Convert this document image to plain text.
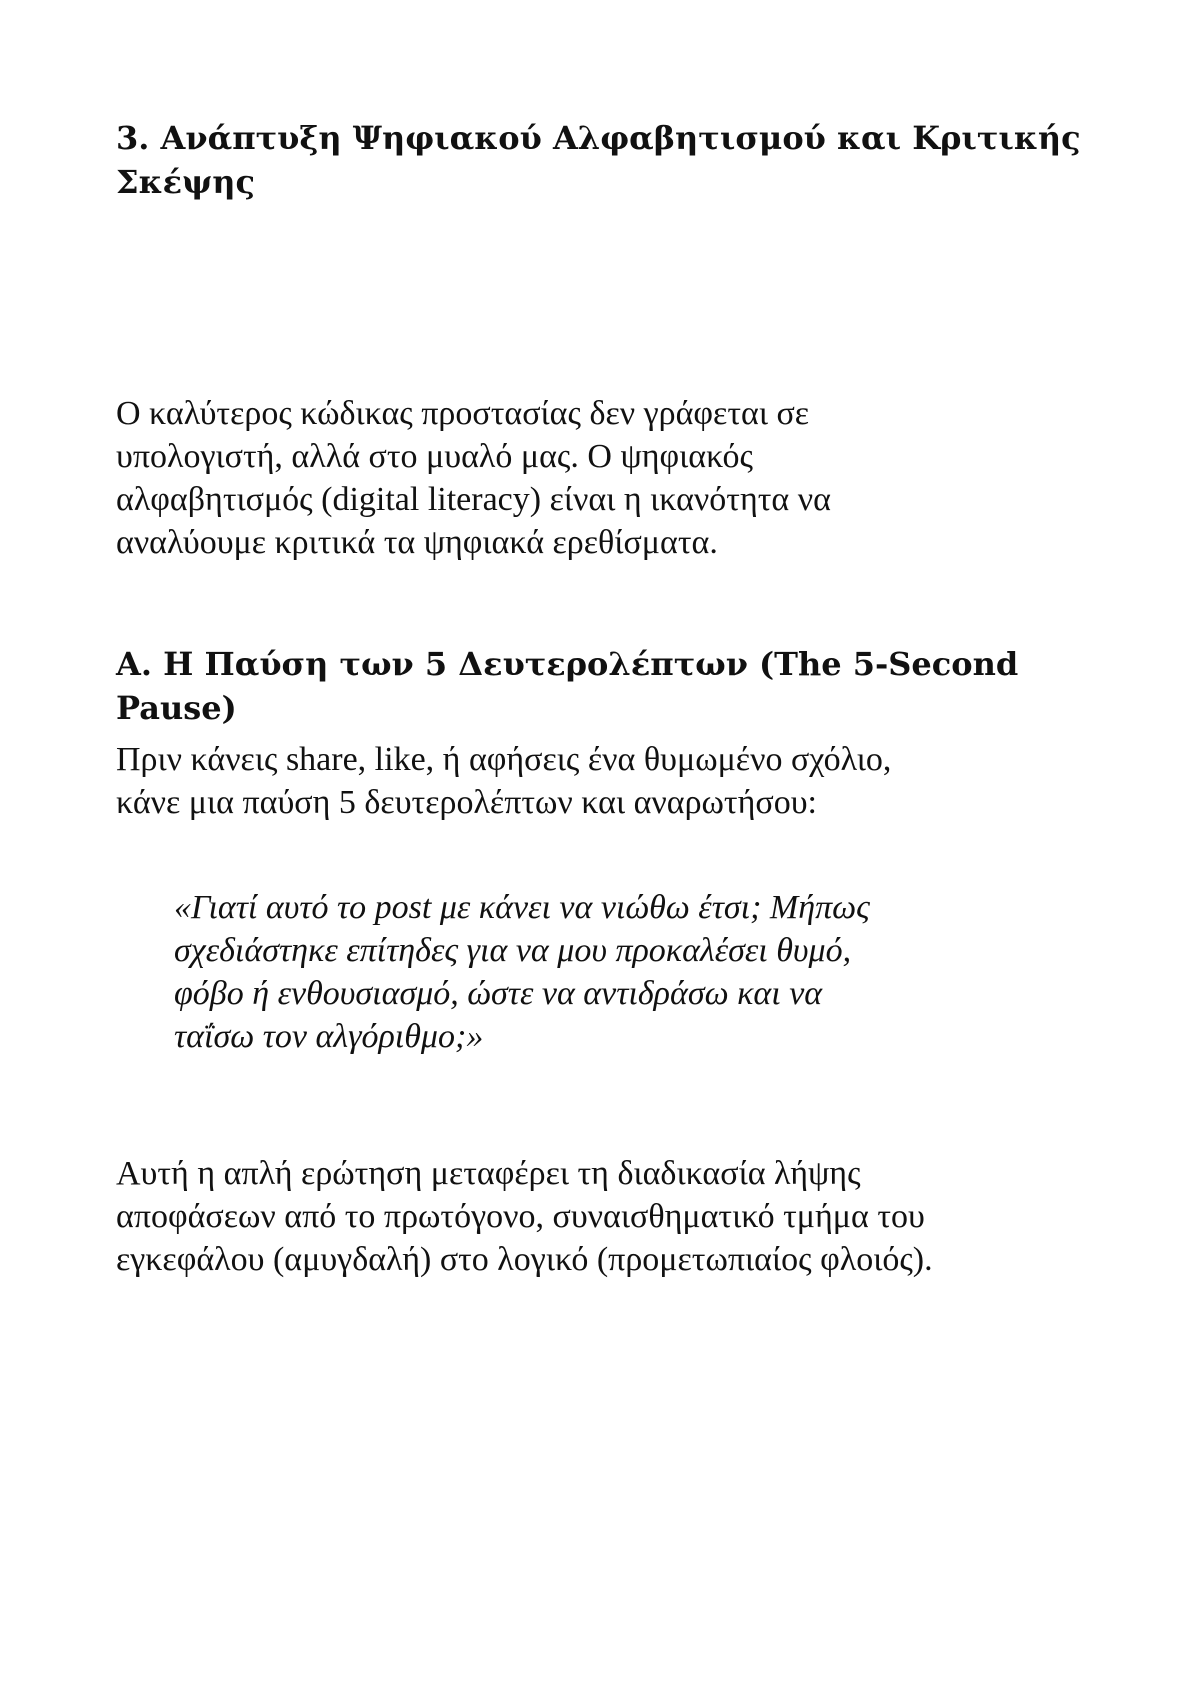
3. Ανάπτυξη Ψηφιακού Αλφαβητισμού και Κριτικής
Σκέψης

Ο καλύτερος κώδικας προστασίας δεν γράφεται σε
υπολογιστή, αλλά στο μυαλό μας. Ο ψηφιακός
αλφαβητισμός (digital literacy) είναι η ικανότητα να
αναλύουμε κριτικά τα ψηφιακά ερεθίσματα.

Α. Η Παύση των 5 Δευτερολέπτων (The 5-Second
Pause)

Πριν κάνεις share, like, ή αφήσεις ένα θυμωμένο σχόλιο,
κάνε μια παύση 5 δευτερολέπτων και αναρωτήσου:

«Γιατί αυτό το post με κάνει να νιώθω έτσι; Μήπως
σχεδιάστηκε επίτηδες για να μου προκαλέσει θυμό,
φόβο ή ενθουσιασμό, ώστε να αντιδράσω και να
ταΐσω τον αλγόριθμο;»

Αυτή η απλή ερώτηση μεταφέρει τη διαδικασία λήψης
αποφάσεων από το πρωτόγονο, συναισθηματικό τμήμα του
εγκεφάλου (αμυγδαλή) στο λογικό (προμετωπιαίος φλοιός).
